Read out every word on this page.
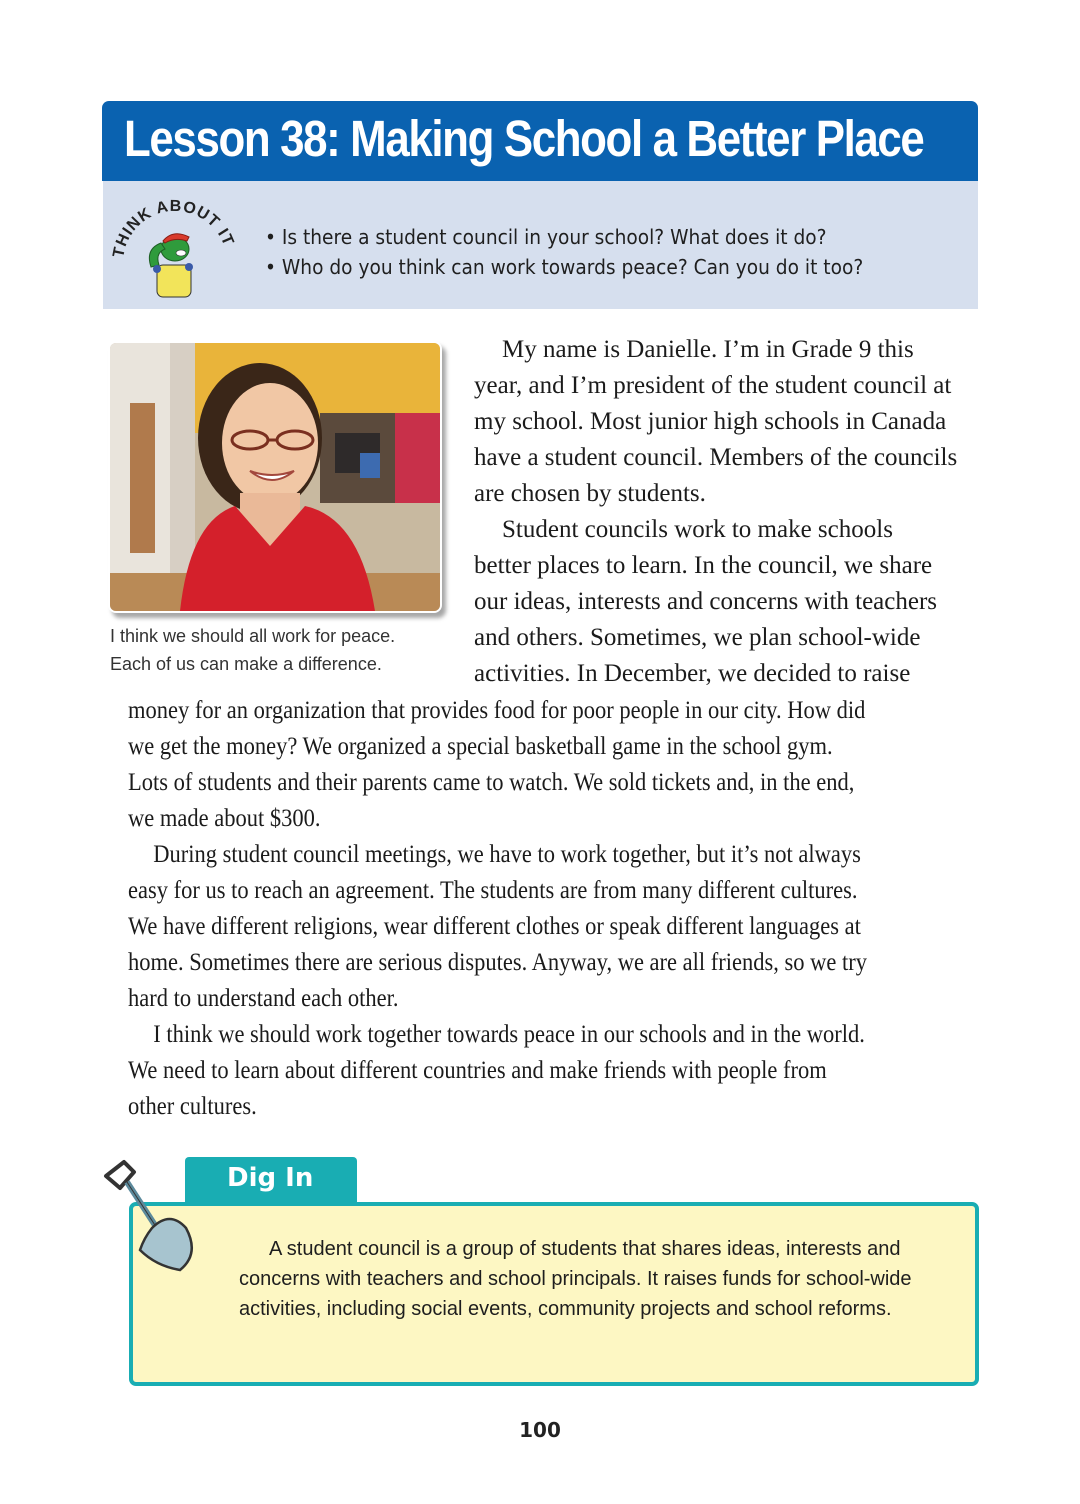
Lesson 38: Making School a Better Place
THINK ABOUT IT	• Is there a student council in your school? What does it do?
• Who do you think can work towards peace? Can you do it too?
I think we should all work for peace.
Each of us can make a difference.
My name is Danielle. I’m in Grade 9 this
year, and I’m president of the student council at
my school. Most junior high schools in Canada
have a student council. Members of the councils
are chosen by students.
Student councils work to make schools
better places to learn. In the council, we share
our ideas, interests and concerns with teachers
and others. Sometimes, we plan school-wide
activities. In December, we decided to raise
money for an organization that provides food for poor people in our city. How did
we get the money? We organized a special basketball game in the school gym.
Lots of students and their parents came to watch. We sold tickets and, in the end,
we made about $300.
During student council meetings, we have to work together, but it’s not always
easy for us to reach an agreement. The students are from many different cultures.
We have different religions, wear different clothes or speak different languages at
home. Sometimes there are serious disputes. Anyway, we are all friends, so we try
hard to understand each other.
I think we should work together towards peace in our schools and in the world.
We need to learn about different countries and make friends with people from
other cultures.
Dig In
A student council is a group of students that shares ideas, interests and concerns with teachers and school principals. It raises funds for school-wide activities, including social events, community projects and school reforms.
100
